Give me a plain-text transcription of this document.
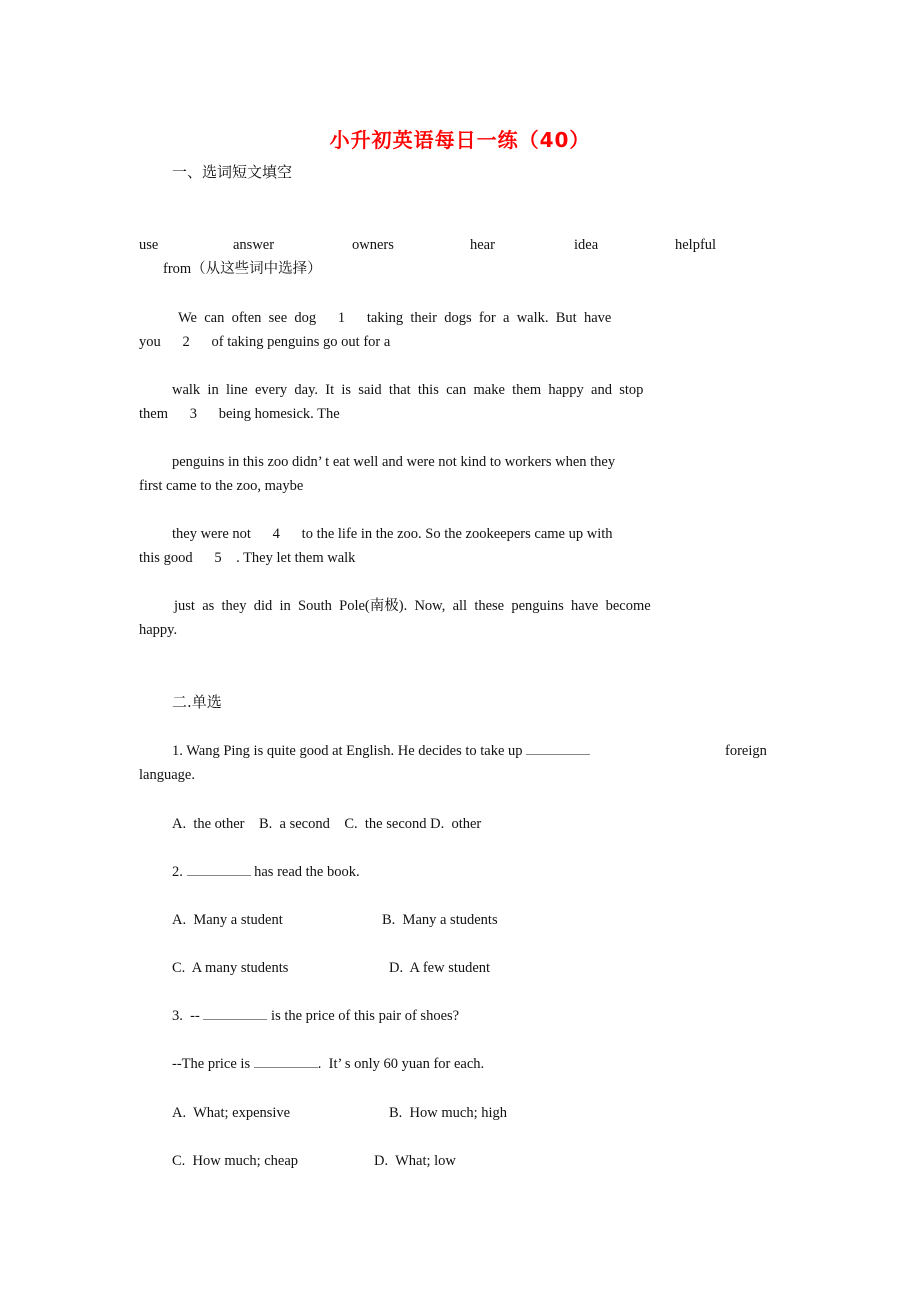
小升初英语每日一练（40）
一、选词短文填空
use	answer	owners	hear	idea	helpful
from（从这些词中选择）
We  can  often  see  dog      1      taking  their  dogs  for  a  walk.  But  have
you      2      of taking penguins go out for a
walk  in  line  every  day.  It  is  said  that  this  can  make  them  happy  and  stop
them      3      being homesick. The
penguins in this zoo didn’ t eat well and were not kind to workers when they
first came to the zoo, maybe
they were not      4      to the life in the zoo. So the zookeepers came up with
this good      5    . They let them walk
just  as  they  did  in  South  Pole(南极).  Now,  all  these  penguins  have  become
happy.
二.单选
1. Wang Ping is quite good at English. He decides to take up	foreign
language.
A.  the other    B.  a second    C.  the second D.  other
2.	has read the book.
A.  Many a student	B.  Many a students
C.  A many students	D.  A few student
3.  --	is the price of this pair of shoes?
--The price is	.  It’ s only 60 yuan for each.
A.  What; expensive	B.  How much; high
C.  How much; cheap	D.  What; low
